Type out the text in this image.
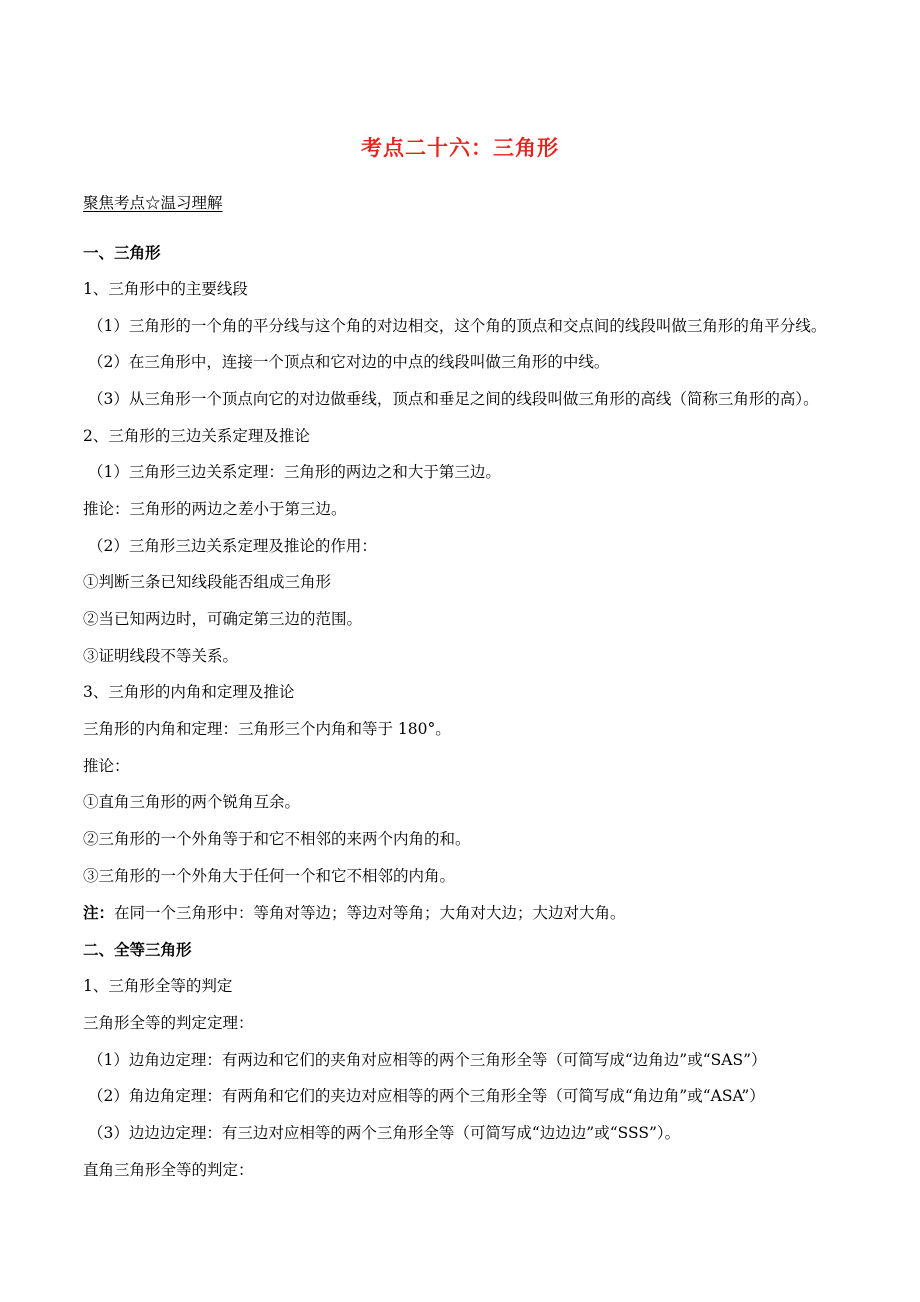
考点二十六：三角形
聚焦考点☆温习理解
一、三角形
1、三角形中的主要线段
（1）三角形的一个角的平分线与这个角的对边相交，这个角的顶点和交点间的线段叫做三角形的角平分线。
（2）在三角形中，连接一个顶点和它对边的中点的线段叫做三角形的中线。
（3）从三角形一个顶点向它的对边做垂线，顶点和垂足之间的线段叫做三角形的高线（简称三角形的高）。
2、三角形的三边关系定理及推论
（1）三角形三边关系定理：三角形的两边之和大于第三边。
推论：三角形的两边之差小于第三边。
（2）三角形三边关系定理及推论的作用：
①判断三条已知线段能否组成三角形
②当已知两边时，可确定第三边的范围。
③证明线段不等关系。
3、三角形的内角和定理及推论
三角形的内角和定理：三角形三个内角和等于 180°。
推论：
①直角三角形的两个锐角互余。
②三角形的一个外角等于和它不相邻的来两个内角的和。
③三角形的一个外角大于任何一个和它不相邻的内角。
注：在同一个三角形中：等角对等边；等边对等角；大角对大边；大边对大角。
二、全等三角形
1、三角形全等的判定
三角形全等的判定定理：
（1）边角边定理：有两边和它们的夹角对应相等的两个三角形全等（可简写成“边角边”或“SAS”）
（2）角边角定理：有两角和它们的夹边对应相等的两个三角形全等（可简写成“角边角”或“ASA”）
（3）边边边定理：有三边对应相等的两个三角形全等（可简写成“边边边”或“SSS”）。
直角三角形全等的判定：
